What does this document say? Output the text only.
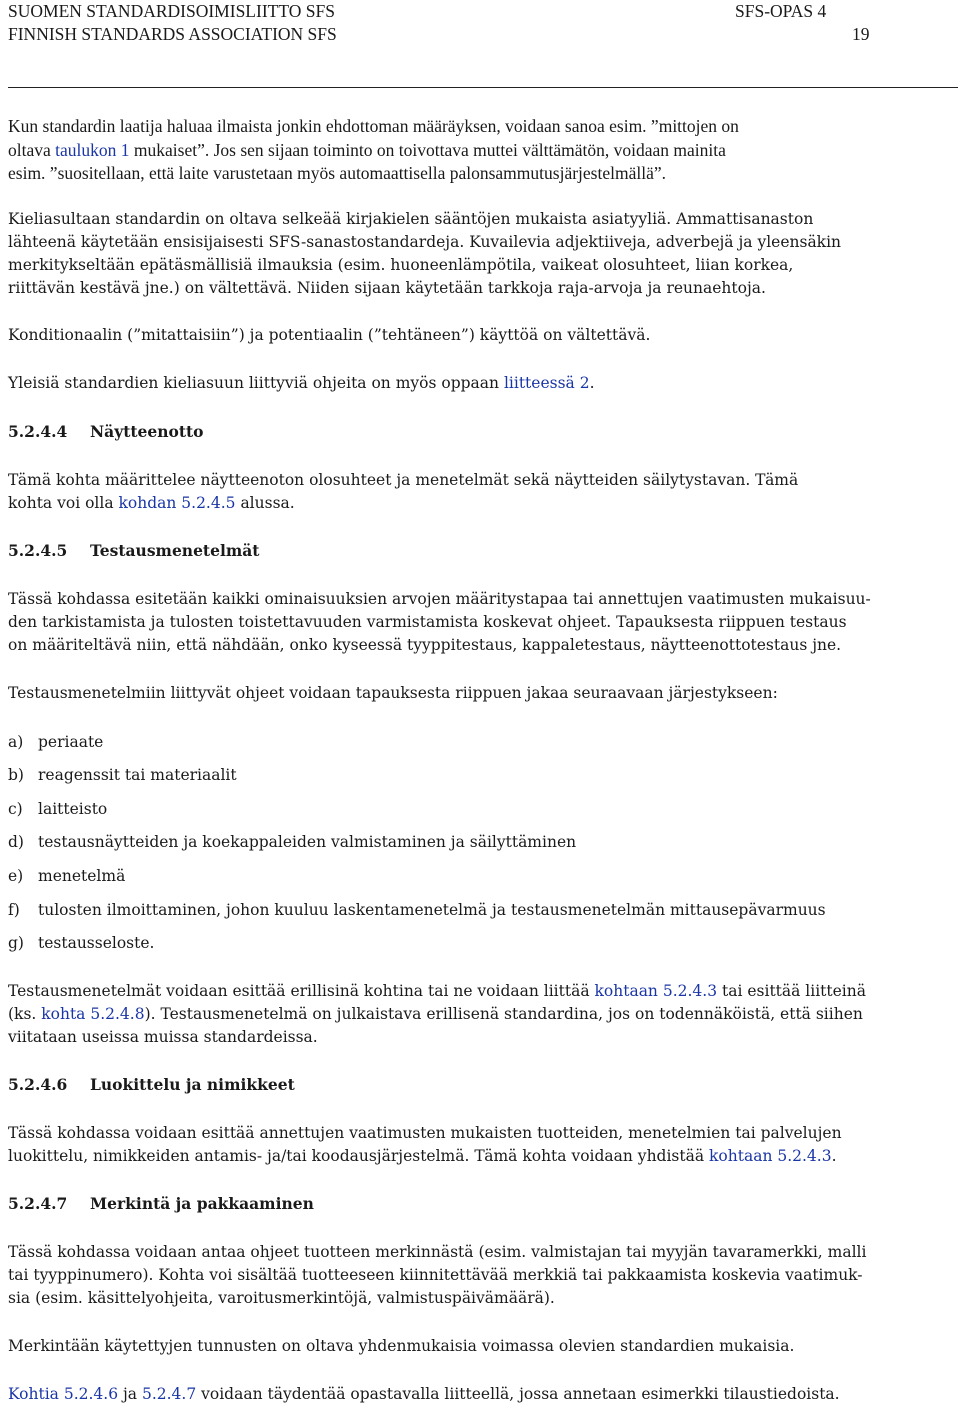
SUOMEN STANDARDISOIMISLIITTO SFS
FINNISH STANDARDS ASSOCIATION SFS
SFS-OPAS 4
19
Kun standardin laatija haluaa ilmaista jonkin ehdottoman määräyksen, voidaan sanoa esim. ”mittojen on
oltava taulukon 1 mukaiset”. Jos sen sijaan toiminto on toivottava muttei välttämätön, voidaan mainita
esim. ”suositellaan, että laite varustetaan myös automaattisella palonsammutusjärjestelmällä”.
Kieliasultaan standardin on oltava selkeää kirjakielen sääntöjen mukaista asiatyyliä. Ammattisanaston
lähteenä käytetään ensisijaisesti SFS-sanastostandardeja. Kuvailevia adjektiiveja, adverbejä ja yleensäkin
merkitykseltään epätäsmällisiä ilmauksia (esim. huoneenlämpötila, vaikeat olosuhteet, liian korkea,
riittävän kestävä jne.) on vältettävä. Niiden sijaan käytetään tarkkoja raja-arvoja ja reunaehtoja.
Konditionaalin (”mitattaisiin”) ja potentiaalin (”tehtäneen”) käyttöä on vältettävä.
Yleisiä standardien kieliasuun liittyviä ohjeita on myös oppaan liitteessä 2.
5.2.4.4 Näytteenotto
Tämä kohta määrittelee näytteenoton olosuhteet ja menetelmät sekä näytteiden säilytystavan. Tämä
kohta voi olla kohdan 5.2.4.5 alussa.
5.2.4.5 Testausmenetelmät
Tässä kohdassa esitetään kaikki ominaisuuksien arvojen määritystapaa tai annettujen vaatimusten mukaisuu-
den tarkistamista ja tulosten toistettavuuden varmistamista koskevat ohjeet. Tapauksesta riippuen testaus
on määriteltävä niin, että nähdään, onko kyseessä tyyppitestaus, kappaletestaus, näytteenottotestaus jne.
Testausmenetelmiin liittyvät ohjeet voidaan tapauksesta riippuen jakaa seuraavaan järjestykseen:
a) periaate
b) reagenssit tai materiaalit
c) laitteisto
d) testausnäytteiden ja koekappaleiden valmistaminen ja säilyttäminen
e) menetelmä
f) tulosten ilmoittaminen, johon kuuluu laskentamenetelmä ja testausmenetelmän mittausepävarmuus
g) testausseloste.
Testausmenetelmät voidaan esittää erillisinä kohtina tai ne voidaan liittää kohtaan 5.2.4.3 tai esittää liitteinä
(ks. kohta 5.2.4.8). Testausmenetelmä on julkaistava erillisenä standardina, jos on todennäköistä, että siihen
viitataan useissa muissa standardeissa.
5.2.4.6 Luokittelu ja nimikkeet
Tässä kohdassa voidaan esittää annettujen vaatimusten mukaisten tuotteiden, menetelmien tai palvelujen
luokittelu, nimikkeiden antamis- ja/tai koodausjärjestelmä. Tämä kohta voidaan yhdistää kohtaan 5.2.4.3.
5.2.4.7 Merkintä ja pakkaaminen
Tässä kohdassa voidaan antaa ohjeet tuotteen merkinnästä (esim. valmistajan tai myyjän tavaramerkki, malli
tai tyyppinumero). Kohta voi sisältää tuotteeseen kiinnitettävää merkkiä tai pakkaamista koskevia vaatimuk-
sia (esim. käsittelyohjeita, varoitusmerkintöjä, valmistuspäivämäärä).
Merkintään käytettyjen tunnusten on oltava yhdenmukaisia voimassa olevien standardien mukaisia.
Kohtia 5.2.4.6 ja 5.2.4.7 voidaan täydentää opastavalla liitteellä, jossa annetaan esimerkki tilaustiedoista.
